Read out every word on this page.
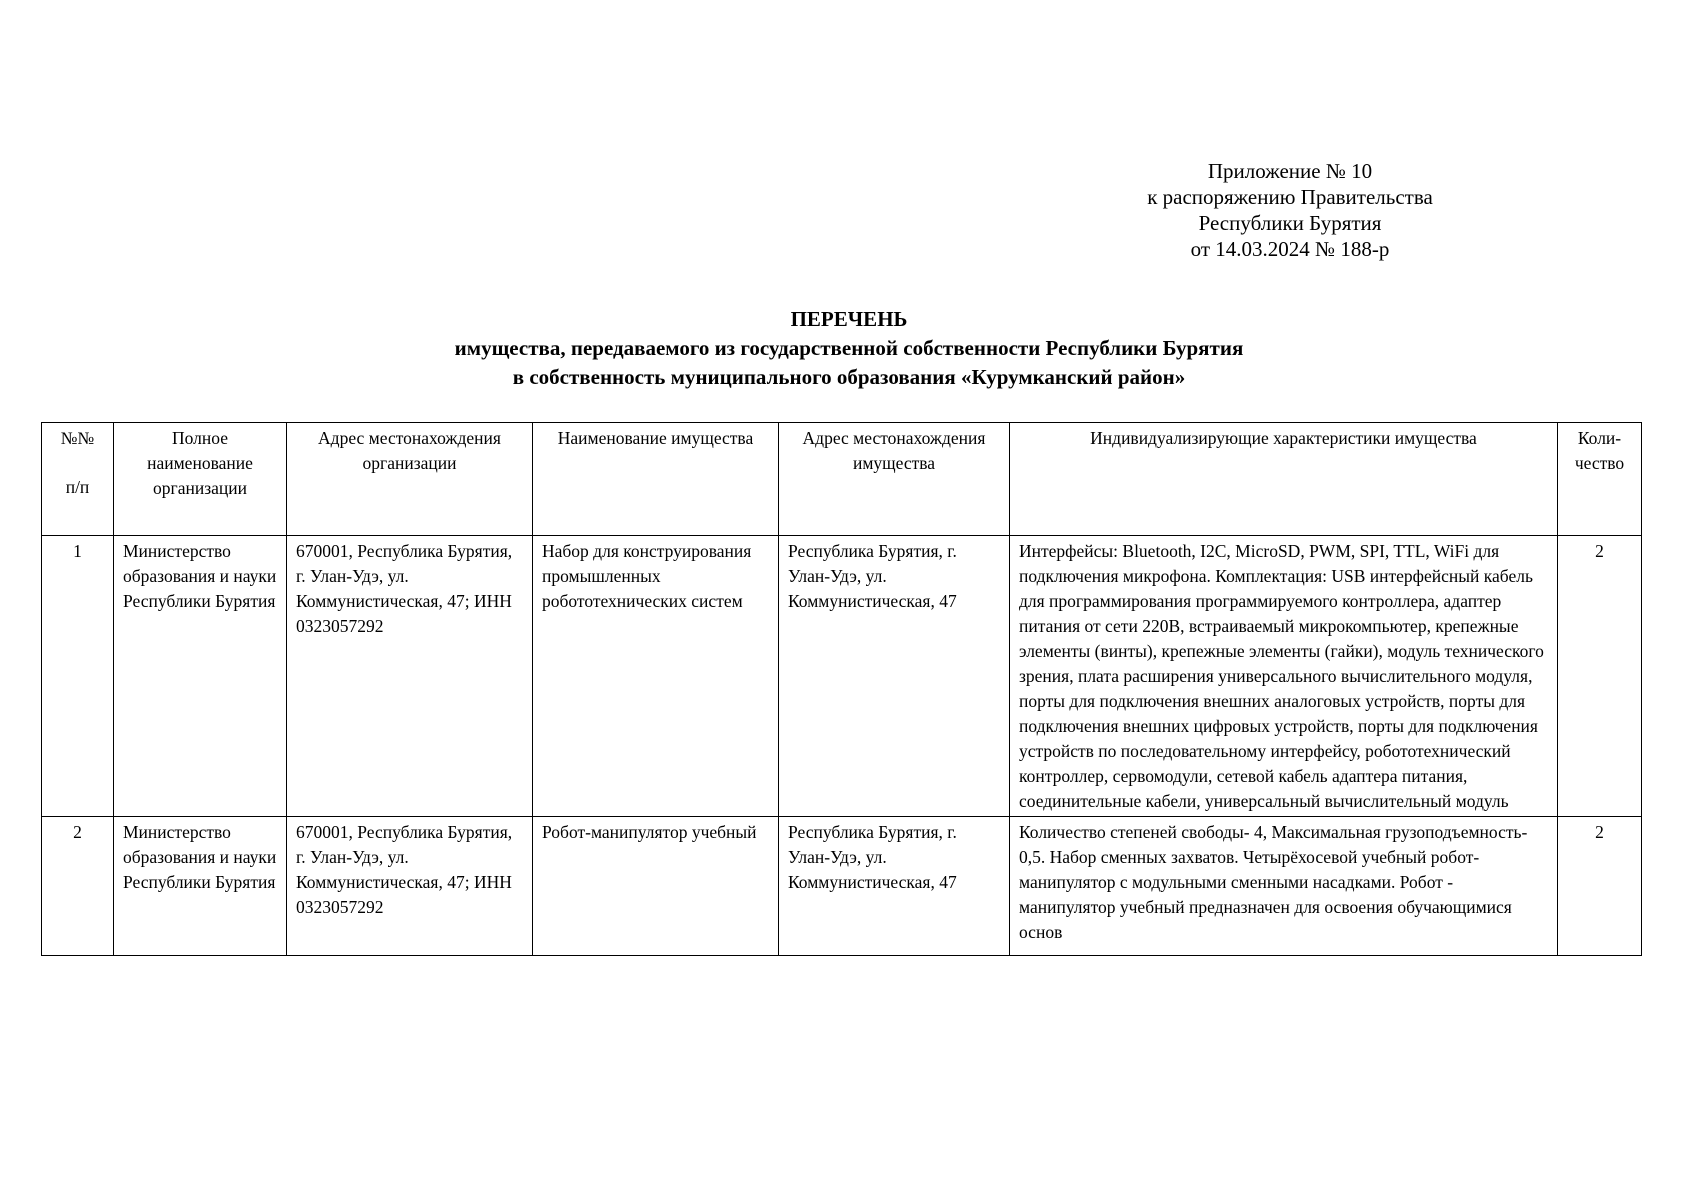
Приложение № 10
к распоряжению Правительства
Республики Бурятия
от 14.03.2024 № 188-р
ПЕРЕЧЕНЬ
имущества, передаваемого из государственной собственности Республики Бурятия
в собственность муниципального образования «Курумканский район»
№№
п/п	Полное наименование организации	Адрес местонахождения организации	Наименование имущества	Адрес местонахождения имущества	Индивидуализирующие характеристики имущества	Коли-чество
1	Министерство образования и науки Республики Бурятия	670001, Республика Бурятия, г. Улан-Удэ, ул. Коммунистическая, 47; ИНН 0323057292	Набор для конструирования промышленных робототехнических систем	Республика Бурятия, г. Улан-Удэ, ул. Коммунистическая, 47	Интерфейсы: Bluetooth, I2C, MicroSD, PWM, SPI, TTL, WiFi для подключения микрофона. Комплектация: USB интерфейсный кабель для программирования программируемого контроллера, адаптер питания от сети 220В, встраиваемый микрокомпьютер, крепежные элементы (винты), крепежные элементы (гайки), модуль технического зрения, плата расширения универсального вычислительного модуля, порты для подключения внешних аналоговых устройств, порты для подключения внешних цифровых устройств, порты для подключения устройств по последовательному интерфейсу, робототехнический контроллер, сервомодули, сетевой кабель адаптера питания, соединительные кабели, универсальный вычислительный модуль	2
2	Министерство образования и науки Республики Бурятия	670001, Республика Бурятия, г. Улан-Удэ, ул. Коммунистическая, 47; ИНН 0323057292	Робот-манипулятор учебный	Республика Бурятия, г. Улан-Удэ, ул. Коммунистическая, 47	Количество степеней свободы- 4, Максимальная грузоподъемность- 0,5. Набор сменных захватов. Четырёхосевой учебный робот-манипулятор с модульными сменными насадками. Робот - манипулятор учебный предназначен для освоения обучающимися основ	2
